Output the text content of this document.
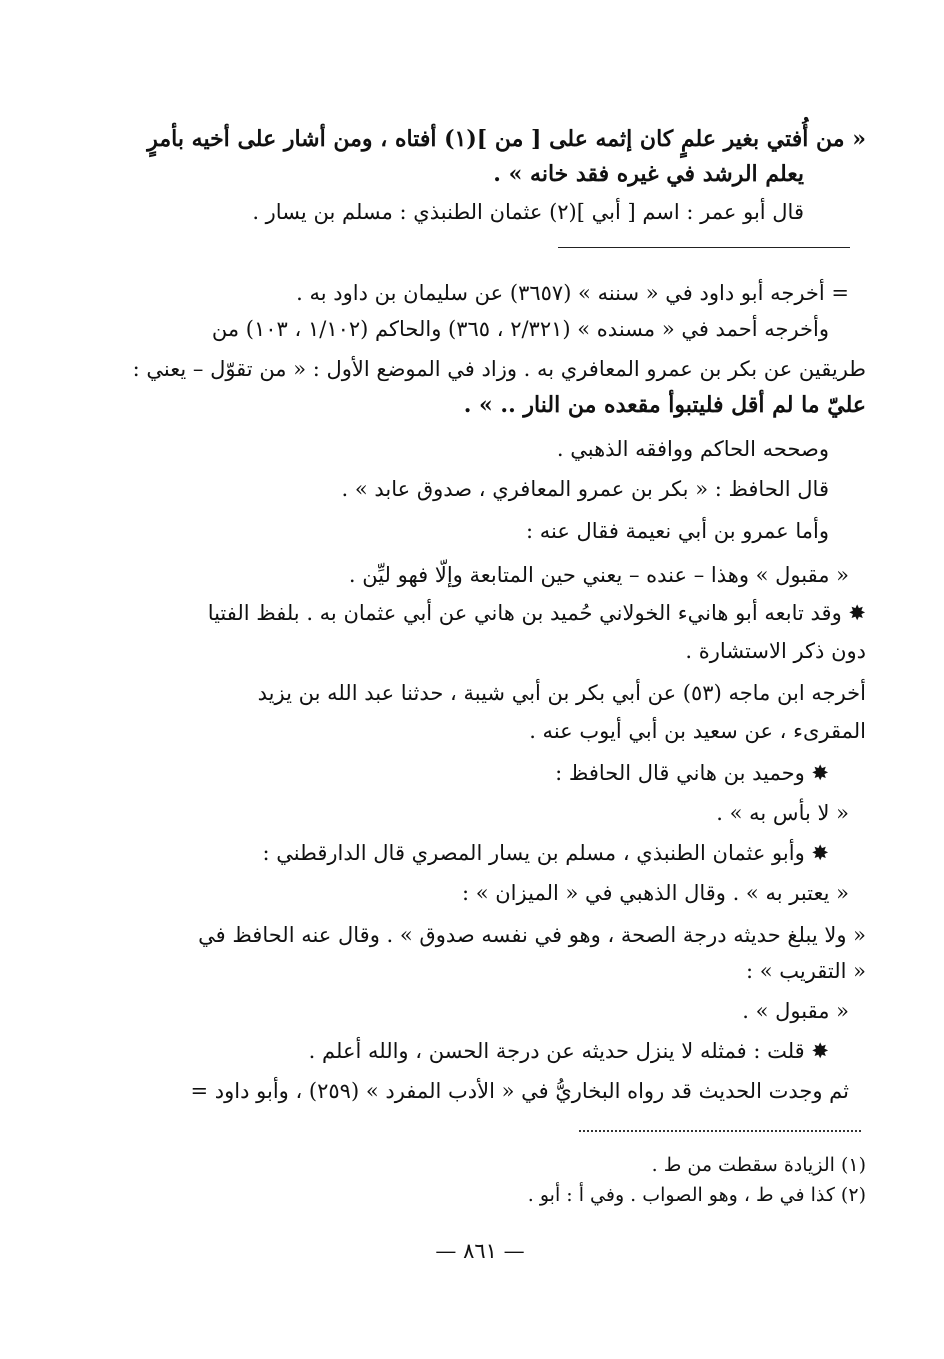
« من أُفتي بغير علمٍ كان إثمه على [ من ](١) أفتاه ، ومن أشار على أخيه بأمرٍ
يعلم الرشد في غيره فقد خانه » .
قال أبو عمر : اسم [ أبي ](٢) عثمان الطنبذي : مسلم بن يسار .
= أخرجه أبو داود في « سننه » (٣٦٥٧) عن سليمان بن داود به .
وأخرجه أحمد في « مسنده » (٢/٣٢١ ، ٣٦٥) والحاكم (١/١٠٢ ، ١٠٣) من
طريقين عن بكر بن عمرو المعافري به . وزاد في الموضع الأول : « من تقوّل – يعني :
عليّ ما لم أقل فليتبوأ مقعده من النار .. » .
وصححه الحاكم ووافقه الذهبي .
قال الحافظ : « بكر بن عمرو المعافري ، صدوق عابد » .
وأما عمرو بن أبي نعيمة فقال عنه :
« مقبول » وهذا – عنده – يعني حين المتابعة وإلّا فهو ليِّن .
✸ وقد تابعه أبو هانيء الخولاني حُميد بن هاني عن أبي عثمان به . بلفظ الفتيا
دون ذكر الاستشارة .
أخرجه ابن ماجه (٥٣) عن أبي بكر بن أبي شيبة ، حدثنا عبد الله بن يزيد
المقرىء ، عن سعيد بن أبي أيوب عنه .
✸ وحميد بن هاني قال الحافظ :
« لا بأس به » .
✸ وأبو عثمان الطنبذي ، مسلم بن يسار المصري قال الدارقطني :
« يعتبر به » . وقال الذهبي في « الميزان » :
« ولا يبلغ حديثه درجة الصحة ، وهو في نفسه صدوق » . وقال عنه الحافظ في
« التقريب » :
« مقبول » .
✸ قلت : فمثله لا ينزل حديثه عن درجة الحسن ، والله أعلم .
ثم وجدت الحديث قد رواه البخاريُّ في « الأدب المفرد » (٢٥٩) ، وأبو داود =
(١) الزيادة سقطت من ط .
(٢) كذا في ط ، وهو الصواب . وفي أ : أبو .
— ٨٦١ —
